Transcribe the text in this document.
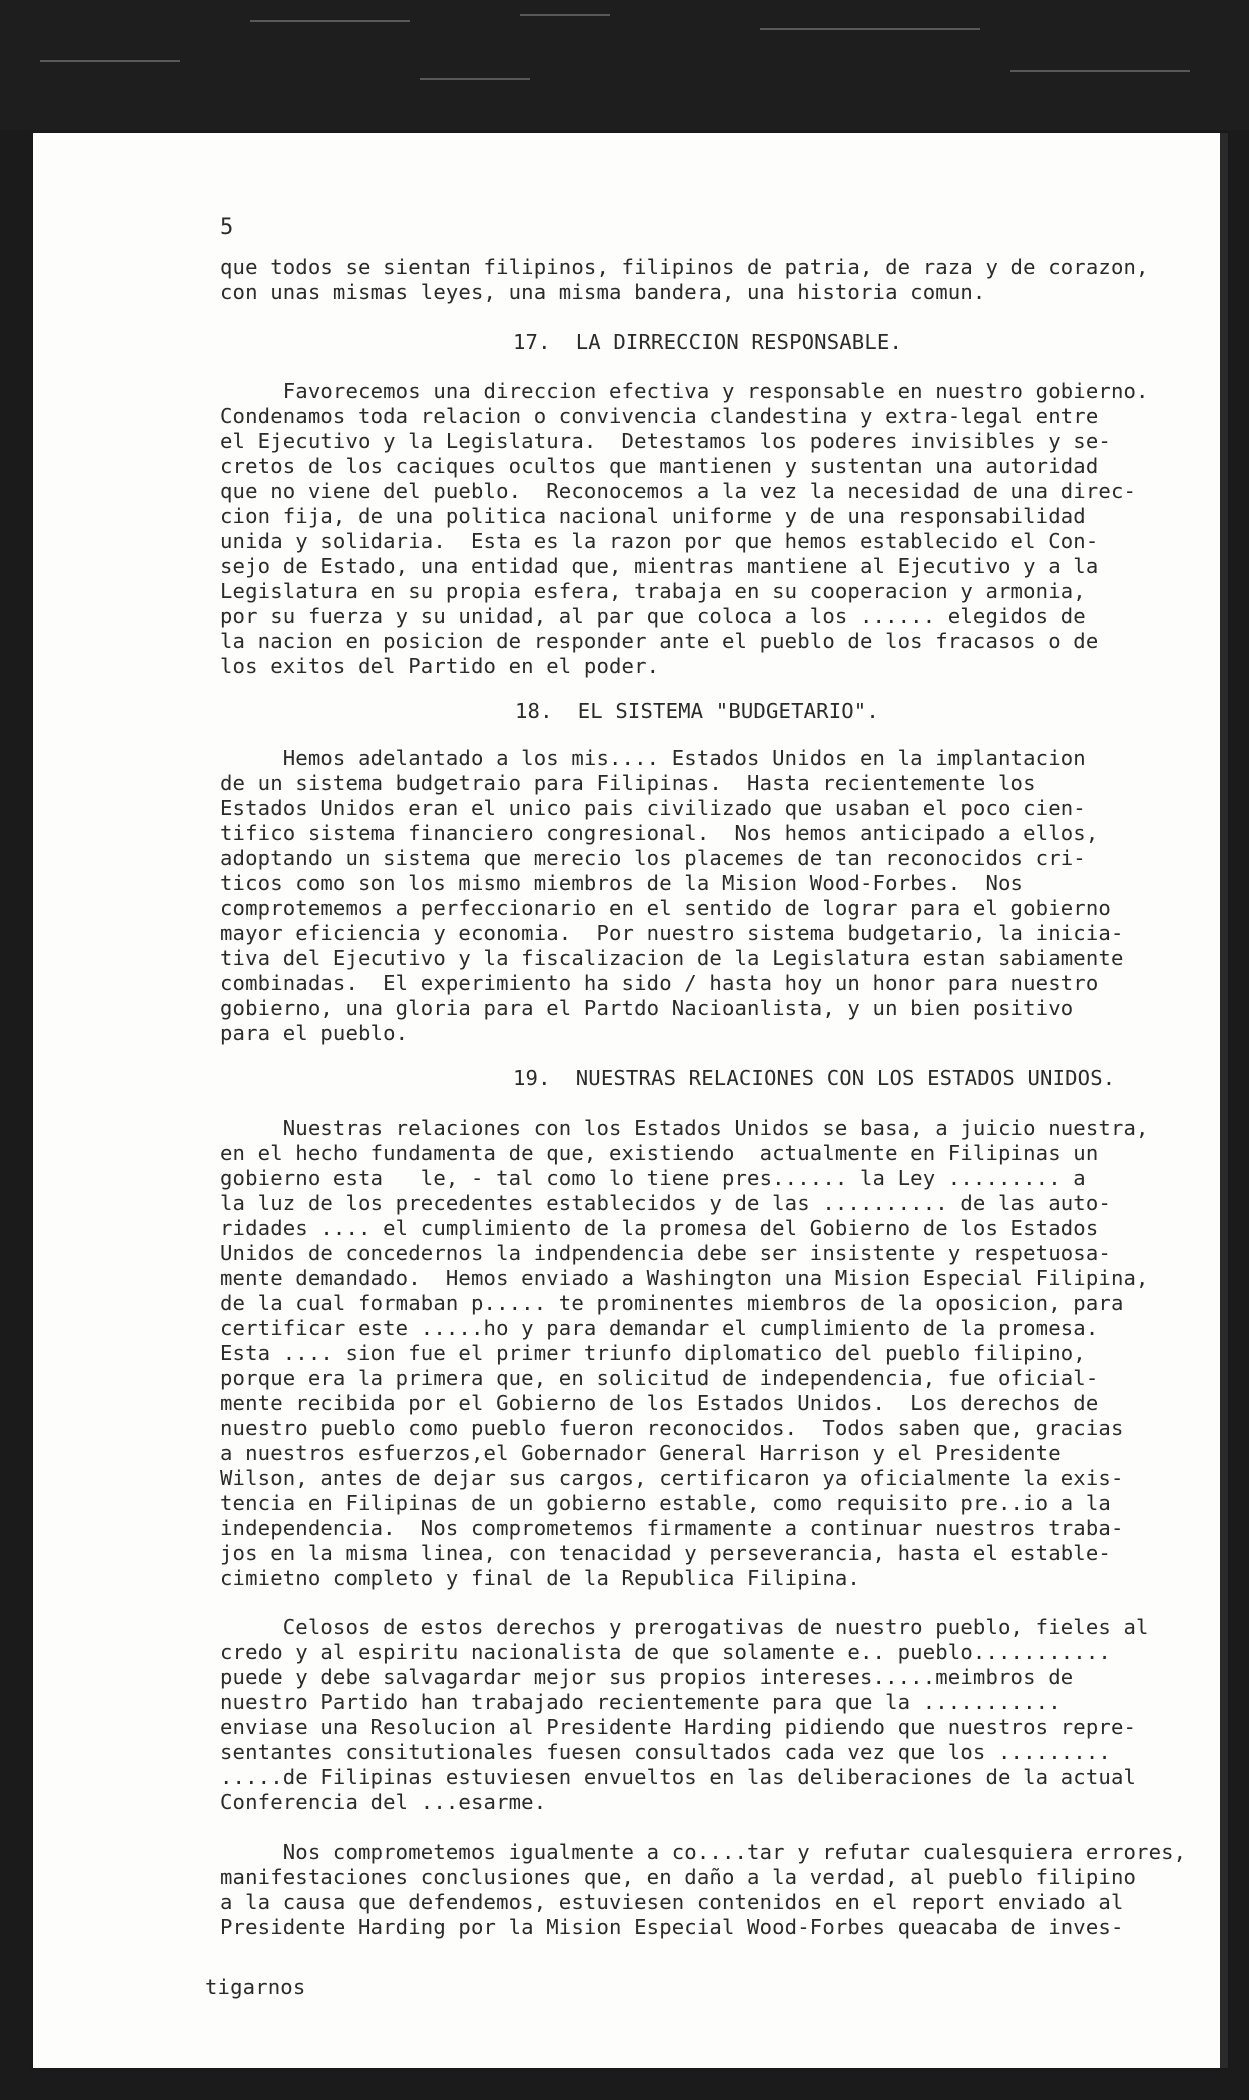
5
que todos se sientan filipinos, filipinos de patria, de raza y de corazon,
con unas mismas leyes, una misma bandera, una historia comun.
17.  LA DIRRECCION RESPONSABLE.
Favorecemos una direccion efectiva y responsable en nuestro gobierno.
Condenamos toda relacion o convivencia clandestina y extra-legal entre
el Ejecutivo y la Legislatura.  Detestamos los poderes invisibles y se-
cretos de los caciques ocultos que mantienen y sustentan una autoridad
que no viene del pueblo.  Reconocemos a la vez la necesidad de una direc-
cion fija, de una politica nacional uniforme y de una responsabilidad
unida y solidaria.  Esta es la razon por que hemos establecido el Con-
sejo de Estado, una entidad que, mientras mantiene al Ejecutivo y a la
Legislatura en su propia esfera, trabaja en su cooperacion y armonia,
por su fuerza y su unidad, al par que coloca a los ...... elegidos de
la nacion en posicion de responder ante el pueblo de los fracasos o de
los exitos del Partido en el poder.
18.  EL SISTEMA "BUDGETARIO".
Hemos adelantado a los mis.... Estados Unidos en la implantacion
de un sistema budgetraio para Filipinas.  Hasta recientemente los
Estados Unidos eran el unico pais civilizado que usaban el poco cien-
tifico sistema financiero congresional.  Nos hemos anticipado a ellos,
adoptando un sistema que merecio los placemes de tan reconocidos cri-
ticos como son los mismo miembros de la Mision Wood-Forbes.  Nos
comprotememos a perfeccionario en el sentido de lograr para el gobierno
mayor eficiencia y economia.  Por nuestro sistema budgetario, la inicia-
tiva del Ejecutivo y la fiscalizacion de la Legislatura estan sabiamente
combinadas.  El experimiento ha sido / hasta hoy un honor para nuestro
gobierno, una gloria para el Partdo Nacioanlista, y un bien positivo
para el pueblo.
19.  NUESTRAS RELACIONES CON LOS ESTADOS UNIDOS.
Nuestras relaciones con los Estados Unidos se basa, a juicio nuestra,
en el hecho fundamenta de que, existiendo  actualmente en Filipinas un
gobierno esta   le, - tal como lo tiene pres...... la Ley ......... a
la luz de los precedentes establecidos y de las .......... de las auto-
ridades .... el cumplimiento de la promesa del Gobierno de los Estados
Unidos de concedernos la indpendencia debe ser insistente y respetuosa-
mente demandado.  Hemos enviado a Washington una Mision Especial Filipina,
de la cual formaban p..... te prominentes miembros de la oposicion, para
certificar este .....ho y para demandar el cumplimiento de la promesa.
Esta .... sion fue el primer triunfo diplomatico del pueblo filipino,
porque era la primera que, en solicitud de independencia, fue oficial-
mente recibida por el Gobierno de los Estados Unidos.  Los derechos de
nuestro pueblo como pueblo fueron reconocidos.  Todos saben que, gracias
a nuestros esfuerzos,el Gobernador General Harrison y el Presidente
Wilson, antes de dejar sus cargos, certificaron ya oficialmente la exis-
tencia en Filipinas de un gobierno estable, como requisito pre..io a la
independencia.  Nos comprometemos firmamente a continuar nuestros traba-
jos en la misma linea, con tenacidad y perseverancia, hasta el estable-
cimietno completo y final de la Republica Filipina.
Celosos de estos derechos y prerogativas de nuestro pueblo, fieles al
credo y al espiritu nacionalista de que solamente e.. pueblo...........
puede y debe salvagardar mejor sus propios intereses.....meimbros de
nuestro Partido han trabajado recientemente para que la ...........
enviase una Resolucion al Presidente Harding pidiendo que nuestros repre-
sentantes consitutionales fuesen consultados cada vez que los .........
.....de Filipinas estuviesen envueltos en las deliberaciones de la actual
Conferencia del ...esarme.
Nos comprometemos igualmente a co....tar y refutar cualesquiera errores,
manifestaciones conclusiones que, en daño a la verdad, al pueblo filipino
a la causa que defendemos, estuviesen contenidos en el report enviado al
Presidente Harding por la Mision Especial Wood-Forbes queacaba de inves-
tigarnos
